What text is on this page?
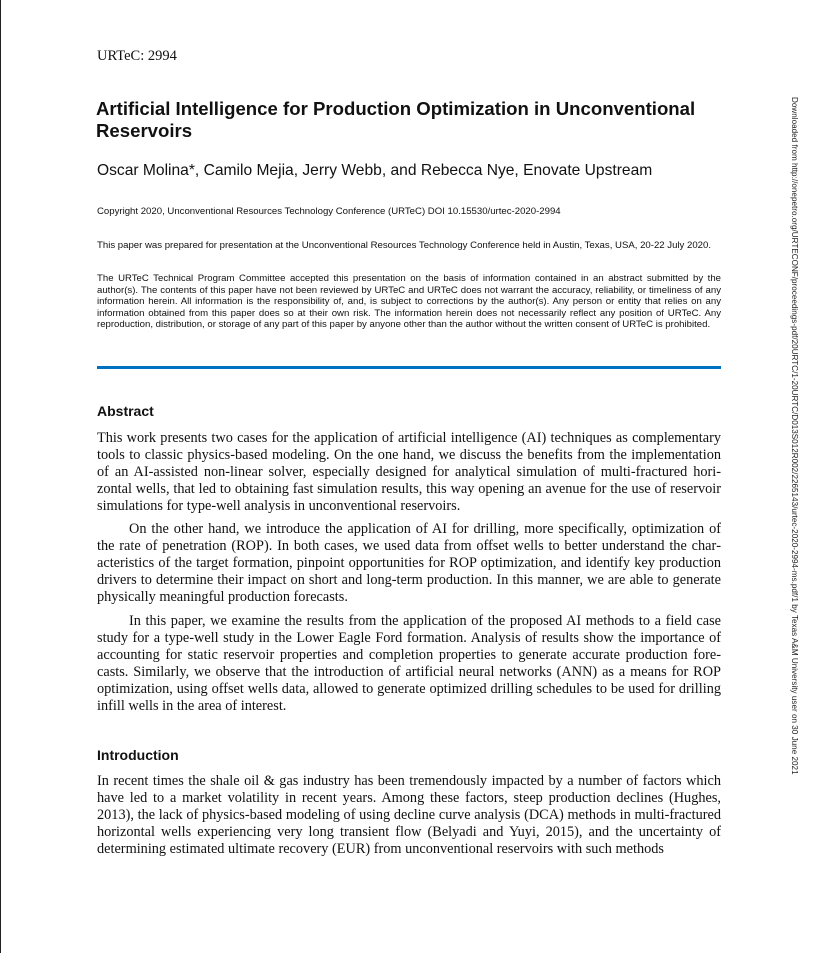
URTeC: 2994
Artificial Intelligence for Production Optimization in Unconventional Reservoirs
Oscar Molina*, Camilo Mejia, Jerry Webb, and Rebecca Nye, Enovate Upstream
Copyright 2020, Unconventional Resources Technology Conference (URTeC) DOI 10.15530/urtec-2020-2994

This paper was prepared for presentation at the Unconventional Resources Technology Conference held in Austin, Texas, USA, 20-22 July 2020.

The URTeC Technical Program Committee accepted this presentation on the basis of information contained in an abstract submitted by the author(s). The contents of this paper have not been reviewed by URTeC and URTeC does not warrant the accuracy, reliability, or timeliness of any information herein. All information is the responsibility of, and, is subject to corrections by the author(s). Any person or entity that relies on any information obtained from this paper does so at their own risk. The information herein does not necessarily reflect any position of URTeC. Any reproduction, distribution, or storage of any part of this paper by anyone other than the author without the written consent of URTeC is prohibited.

Abstract

This work presents two cases for the application of artificial intelligence (AI) techniques as complementary tools to classic physics-based modeling. On the one hand, we discuss the benefits from the implementation of an AI-assisted non-linear solver, especially designed for analytical simulation of multi-fractured horizontal wells, that led to obtaining fast simulation results, this way opening an avenue for the use of reservoir simulations for type-well analysis in unconventional reservoirs.

On the other hand, we introduce the application of AI for drilling, more specifically, optimization of the rate of penetration (ROP). In both cases, we used data from offset wells to better understand the characteristics of the target formation, pinpoint opportunities for ROP optimization, and identify key production drivers to determine their impact on short and long-term production. In this manner, we are able to generate physically meaningful production forecasts.

In this paper, we examine the results from the application of the proposed AI methods to a field case study for a type-well study in the Lower Eagle Ford formation. Analysis of results show the importance of accounting for static reservoir properties and completion properties to generate accurate production forecasts. Similarly, we observe that the introduction of artificial neural networks (ANN) as a means for ROP optimization, using offset wells data, allowed to generate optimized drilling schedules to be used for drilling infill wells in the area of interest.

Introduction

In recent times the shale oil & gas industry has been tremendously impacted by a number of factors which have led to a market volatility in recent years. Among these factors, steep production declines (Hughes, 2013), the lack of physics-based modeling of using decline curve analysis (DCA) methods in multi-fractured horizontal wells experiencing very long transient flow (Belyadi and Yuyi, 2015), and the uncertainty of determining estimated ultimate recovery (EUR) from unconventional reservoirs with such methods

Downloaded from http://onepetro.org/URTECONF/proceedings-pdf/20URTC/1-20URTC/D013S012R002/2265143/urtec-2020-2994-ms.pdf/1 by Texas A&M University user on 30 June 2021
